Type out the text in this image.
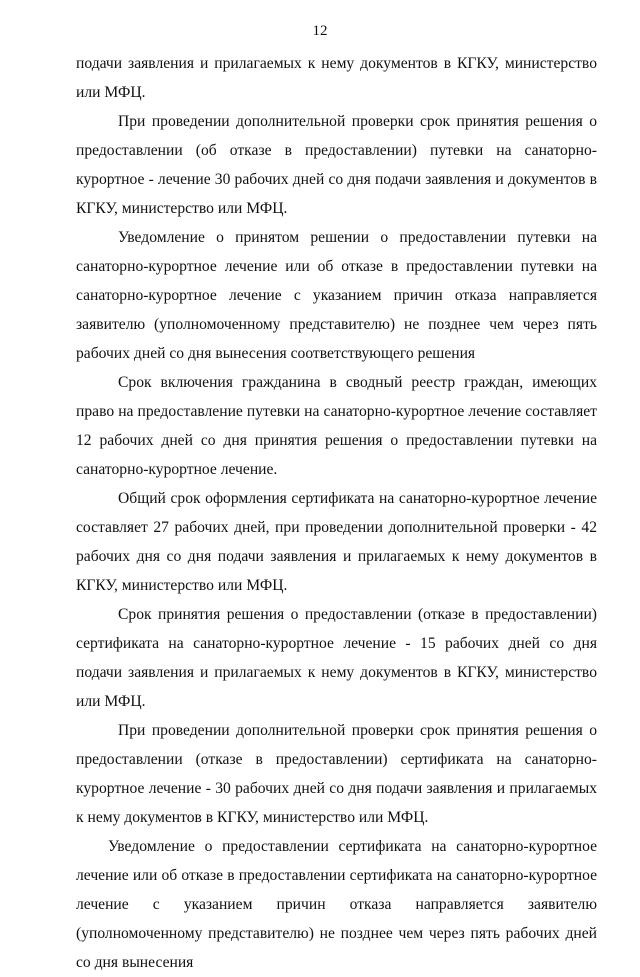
12

подачи заявления и прилагаемых к нему документов в КГКУ, министерство или МФЦ.

При проведении дополнительной проверки срок принятия решения о предоставлении (об отказе в предоставлении) путевки на санаторно-курортное - лечение 30 рабочих дней со дня подачи заявления и документов в КГКУ, министерство или МФЦ.

Уведомление о принятом решении о предоставлении путевки на санаторно-курортное лечение или об отказе в предоставлении путевки на санаторно-курортное лечение с указанием причин отказа направляется заявителю (уполномоченному представителю) не позднее чем через пять рабочих дней со дня вынесения соответствующего решения

Срок включения гражданина в сводный реестр граждан, имеющих право на предоставление путевки на санаторно-курортное лечение составляет 12 рабочих дней со дня принятия решения о предоставлении путевки на санаторно-курортное лечение.

Общий срок оформления сертификата на санаторно-курортное лечение составляет 27 рабочих дней, при проведении дополнительной проверки - 42 рабочих дня со дня подачи заявления и прилагаемых к нему документов в КГКУ, министерство или МФЦ.

Срок принятия решения о предоставлении (отказе в предоставлении) сертификата на санаторно-курортное лечение - 15 рабочих дней со дня подачи заявления и прилагаемых к нему документов в КГКУ, министерство или МФЦ.

При проведении дополнительной проверки срок принятия решения о предоставлении (отказе в предоставлении) сертификата на санаторно-курортное лечение - 30 рабочих дней со дня подачи заявления и прилагаемых к нему документов в КГКУ, министерство или МФЦ.

Уведомление о предоставлении сертификата на санаторно-курортное лечение или об отказе в предоставлении сертификата на санаторно-курортное лечение с указанием причин отказа направляется заявителю (уполномоченному представителю) не позднее чем через пять рабочих дней со дня вынесения
